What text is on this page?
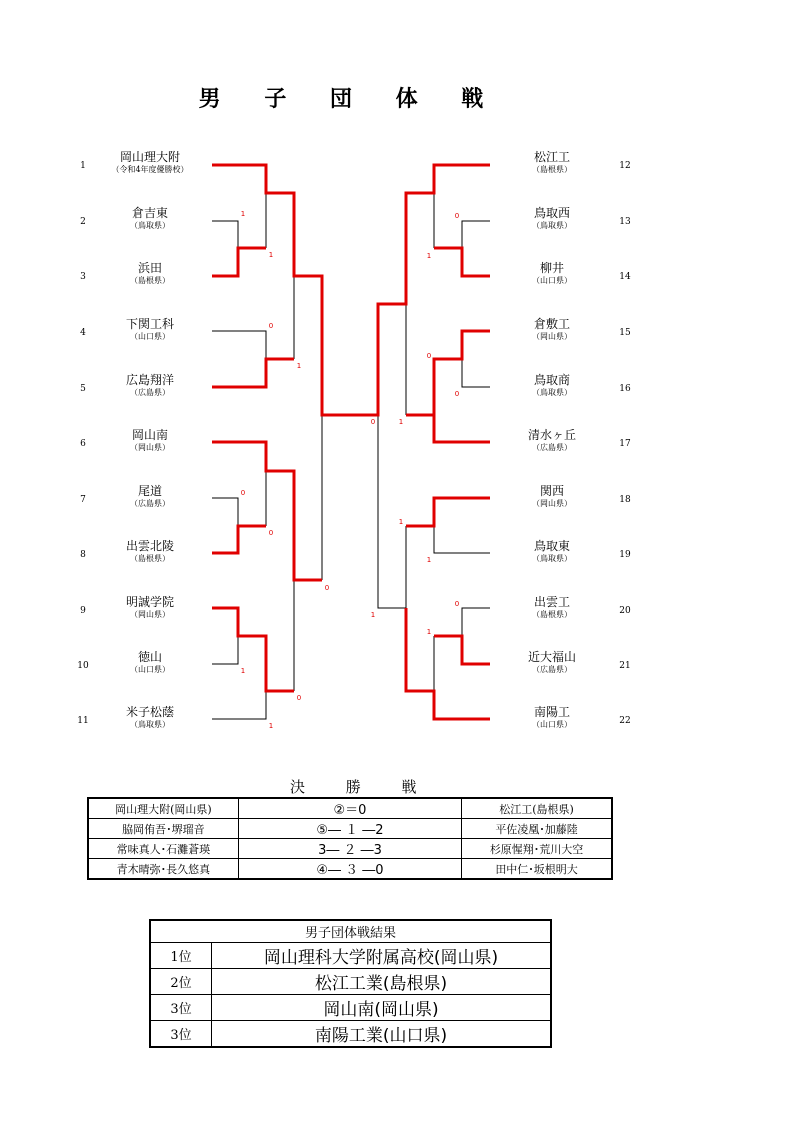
男 子 団 体 戦
1
岡山理大附
（令和4年度優勝校）
2
倉吉東
（鳥取県）
3
浜田
（島根県）
4
下関工科
（山口県）
5
広島翔洋
（広島県）
6
岡山南
（岡山県）
7
尾道
（広島県）
8
出雲北陵
（島根県）
9
明誠学院
（岡山県）
10
徳山
（山口県）
11
米子松蔭
（鳥取県）
松江工
（島根県）	12
鳥取西
（鳥取県）	13
柳井
（山口県）	14
倉敷工
（岡山県）	15
鳥取商
（鳥取県）	16
清水ヶ丘
（広島県）	17
関西
（岡山県）	18
鳥取東
（鳥取県）	19
出雲工
（島根県）	20
近大福山
（広島県）	21
南陽工
（山口県）	22
1
1
0
1
0
0
0
0
1
1
0
0
1
0
0
1
1
1
0
1
1
決 勝 戦
岡山理大附(岡山県)	②＝0	松江工(島根県)
脇岡侑吾･堺瑠音	⑤― １ ―2	平佐凌凰･加藤陸
常味真人･石灘蒼瑛	3― ２ ―3	杉原惺翔･荒川大空
青木晴弥･長久悠真	④― ３ ―0	田中仁･坂根明大
男子団体戦結果	
1位	岡山理科大学附属高校(岡山県)
2位	松江工業(島根県)
3位	岡山南(岡山県)
3位	南陽工業(山口県)
